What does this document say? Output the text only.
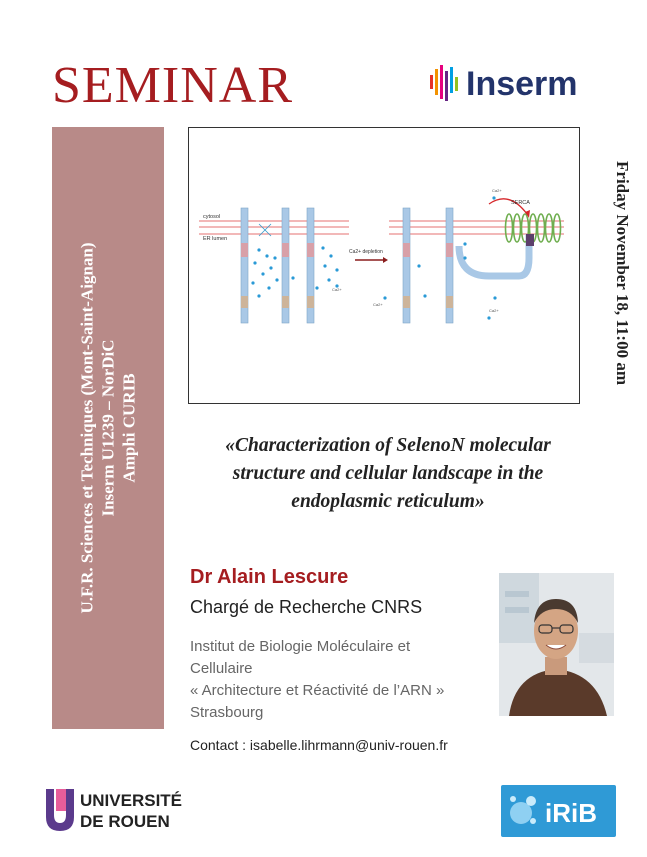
SEMINAR	Inserm
U.F.R. Sciences et Techniques (Mont-Saint-Aignan) Inserm U1239 – NorDiC Amphi CURIB
cytosol
ER lumen
Ca2+
Ca2+ depletion
SERCA
Ca2+
Ca2+
Ca2+	Friday November 18, 11:00 am
«Characterization of SelenoN molecular
structure and cellular landscape in the
endoplasmic reticulum»
Dr Alain Lescure
Chargé de Recherche CNRS
Institut de Biologie Moléculaire et
Cellulaire
« Architecture et Réactivité de l’ARN »
Strasbourg
Contact : isabelle.lihrmann@univ-rouen.fr
UNIVERSITÉ
DE ROUEN	iRiB
